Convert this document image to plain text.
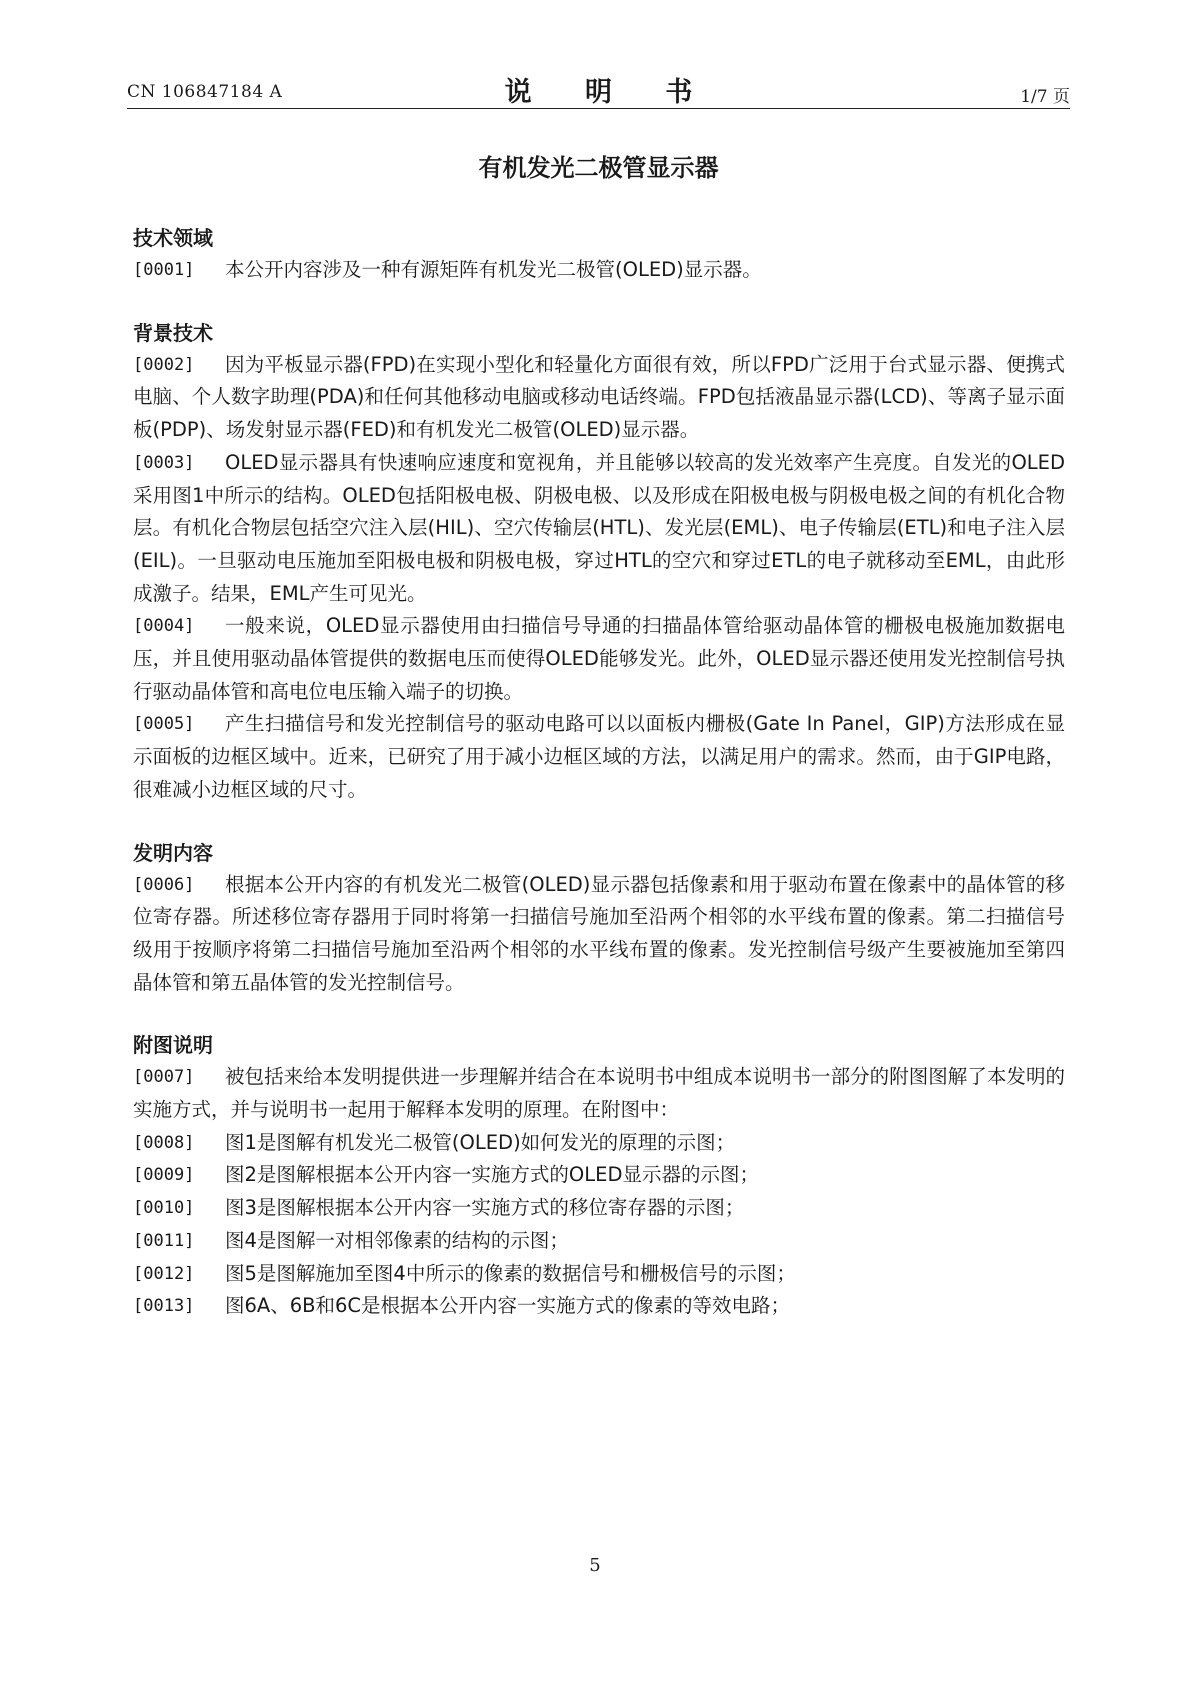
CN 106847184 A	说 明 书	1/7 页
有机发光二极管显示器
技术领域
[0001] 本公开内容涉及一种有源矩阵有机发光二极管(OLED)显示器。
背景技术
[0002] 因为平板显示器(FPD)在实现小型化和轻量化方面很有效，所以FPD广泛用于台式显示器、便携式电脑、个人数字助理(PDA)和任何其他移动电脑或移动电话终端。FPD包括液晶显示器(LCD)、等离子显示面板(PDP)、场发射显示器(FED)和有机发光二极管(OLED)显示器。
[0003] OLED显示器具有快速响应速度和宽视角，并且能够以较高的发光效率产生亮度。自发光的OLED采用图1中所示的结构。OLED包括阳极电极、阴极电极、以及形成在阳极电极与阴极电极之间的有机化合物层。有机化合物层包括空穴注入层(HIL)、空穴传输层(HTL)、发光层(EML)、电子传输层(ETL)和电子注入层(EIL)。一旦驱动电压施加至阳极电极和阴极电极，穿过HTL的空穴和穿过ETL的电子就移动至EML，由此形成激子。结果，EML产生可见光。
[0004] 一般来说，OLED显示器使用由扫描信号导通的扫描晶体管给驱动晶体管的栅极电极施加数据电压，并且使用驱动晶体管提供的数据电压而使得OLED能够发光。此外，OLED显示器还使用发光控制信号执行驱动晶体管和高电位电压输入端子的切换。
[0005] 产生扫描信号和发光控制信号的驱动电路可以以面板内栅极(Gate In Panel，GIP)方法形成在显示面板的边框区域中。近来，已研究了用于减小边框区域的方法，以满足用户的需求。然而，由于GIP电路，很难减小边框区域的尺寸。
发明内容
[0006] 根据本公开内容的有机发光二极管(OLED)显示器包括像素和用于驱动布置在像素中的晶体管的移位寄存器。所述移位寄存器用于同时将第一扫描信号施加至沿两个相邻的水平线布置的像素。第二扫描信号级用于按顺序将第二扫描信号施加至沿两个相邻的水平线布置的像素。发光控制信号级产生要被施加至第四晶体管和第五晶体管的发光控制信号。
附图说明
[0007] 被包括来给本发明提供进一步理解并结合在本说明书中组成本说明书一部分的附图图解了本发明的实施方式，并与说明书一起用于解释本发明的原理。在附图中：
[0008] 图1是图解有机发光二极管(OLED)如何发光的原理的示图；
[0009] 图2是图解根据本公开内容一实施方式的OLED显示器的示图；
[0010] 图3是图解根据本公开内容一实施方式的移位寄存器的示图；
[0011] 图4是图解一对相邻像素的结构的示图；
[0012] 图5是图解施加至图4中所示的像素的数据信号和栅极信号的示图；
[0013] 图6A、6B和6C是根据本公开内容一实施方式的像素的等效电路；
5
